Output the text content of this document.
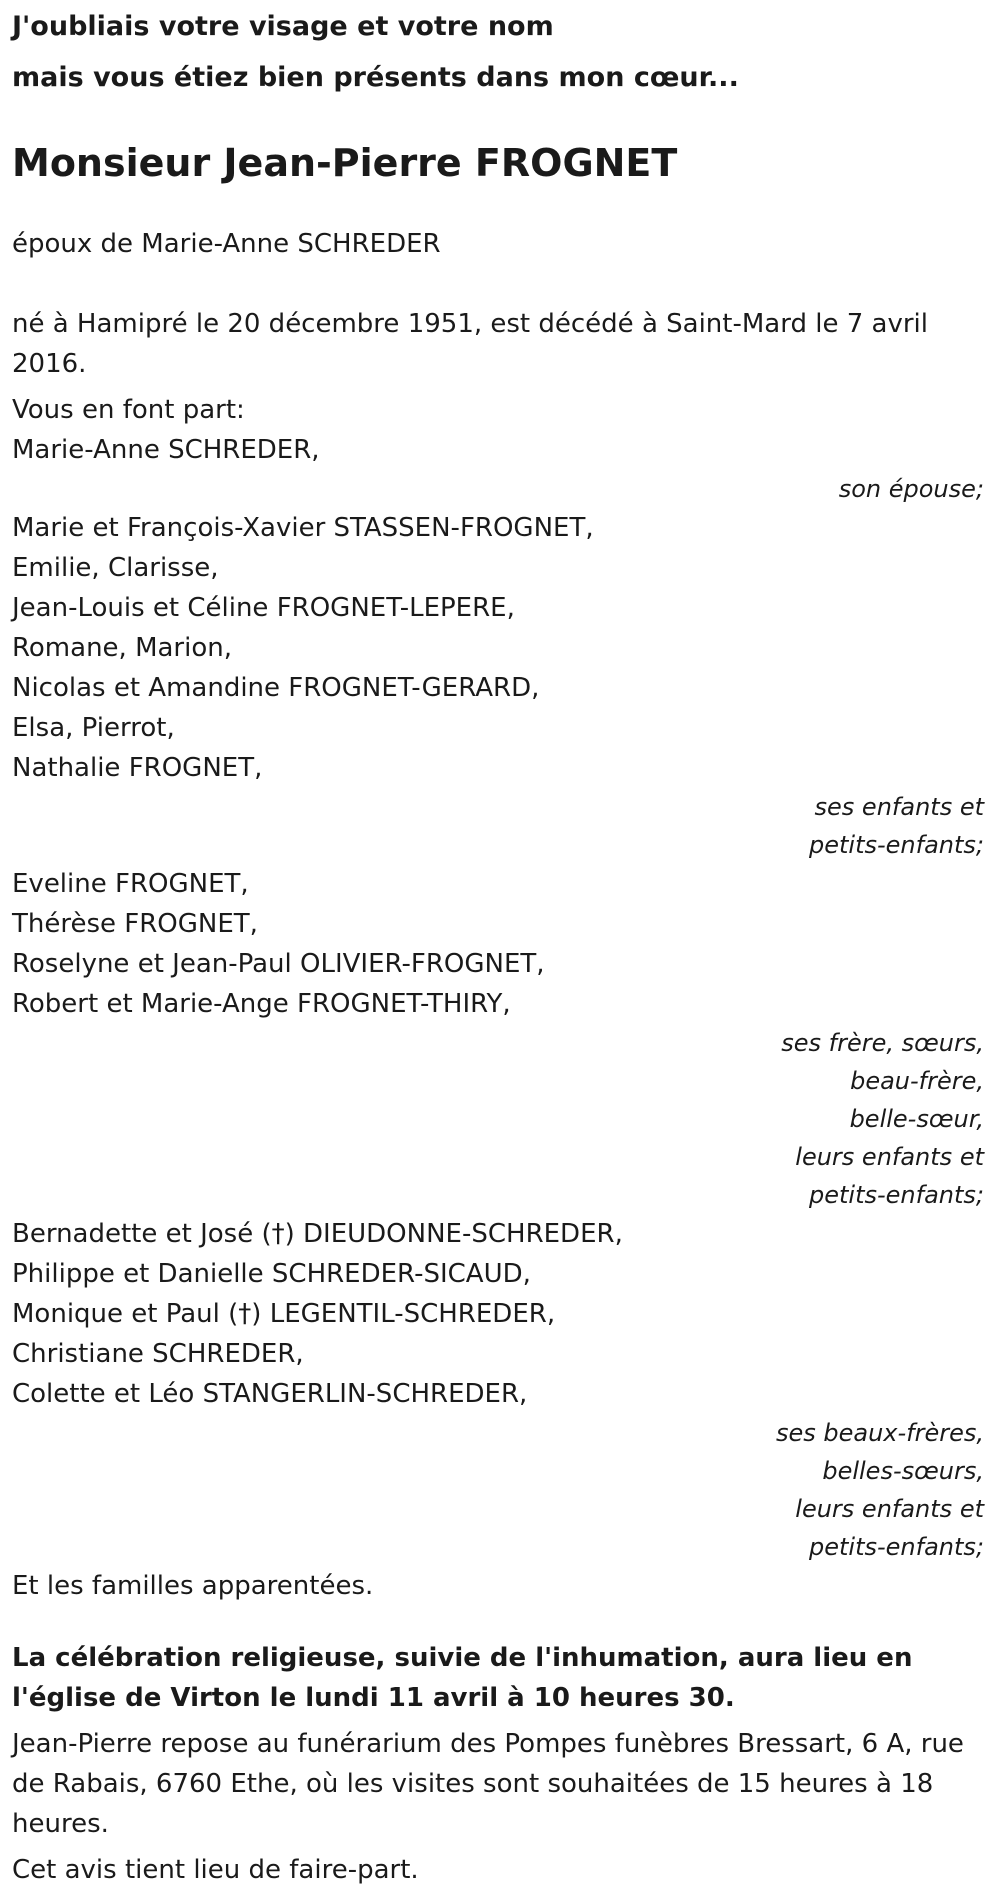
J'oubliais votre visage et votre nom

mais vous étiez bien présents dans mon cœur...

Monsieur Jean-Pierre FROGNET

époux de Marie-Anne SCHREDER

né à Hamipré le 20 décembre 1951, est décédé à Saint-Mard le 7 avril 2016.

Vous en font part:

Marie-Anne SCHREDER,
son épouse;
Marie et François-Xavier STASSEN-FROGNET,
Emilie, Clarisse,
Jean-Louis et Céline FROGNET-LEPERE,
Romane, Marion,
Nicolas et Amandine FROGNET-GERARD,
Elsa, Pierrot,
Nathalie FROGNET,
ses enfants et
petits-enfants;
Eveline FROGNET,
Thérèse FROGNET,
Roselyne et Jean-Paul OLIVIER-FROGNET,
Robert et Marie-Ange FROGNET-THIRY,
ses frère, sœurs,
beau-frère,
belle-sœur,
leurs enfants et
petits-enfants;
Bernadette et José (†) DIEUDONNE-SCHREDER,
Philippe et Danielle SCHREDER-SICAUD,
Monique et Paul (†) LEGENTIL-SCHREDER,
Christiane SCHREDER,
Colette et Léo STANGERLIN-SCHREDER,
ses beaux-frères,
belles-sœurs,
leurs enfants et
petits-enfants;

Et les familles apparentées.

La célébration religieuse, suivie de l'inhumation, aura lieu en l'église de Virton le lundi 11 avril à 10 heures 30.

Jean-Pierre repose au funérarium des Pompes funèbres Bressart, 6 A, rue de Rabais, 6760 Ethe, où les visites sont souhaitées de 15 heures à 18 heures.

Cet avis tient lieu de faire-part.
